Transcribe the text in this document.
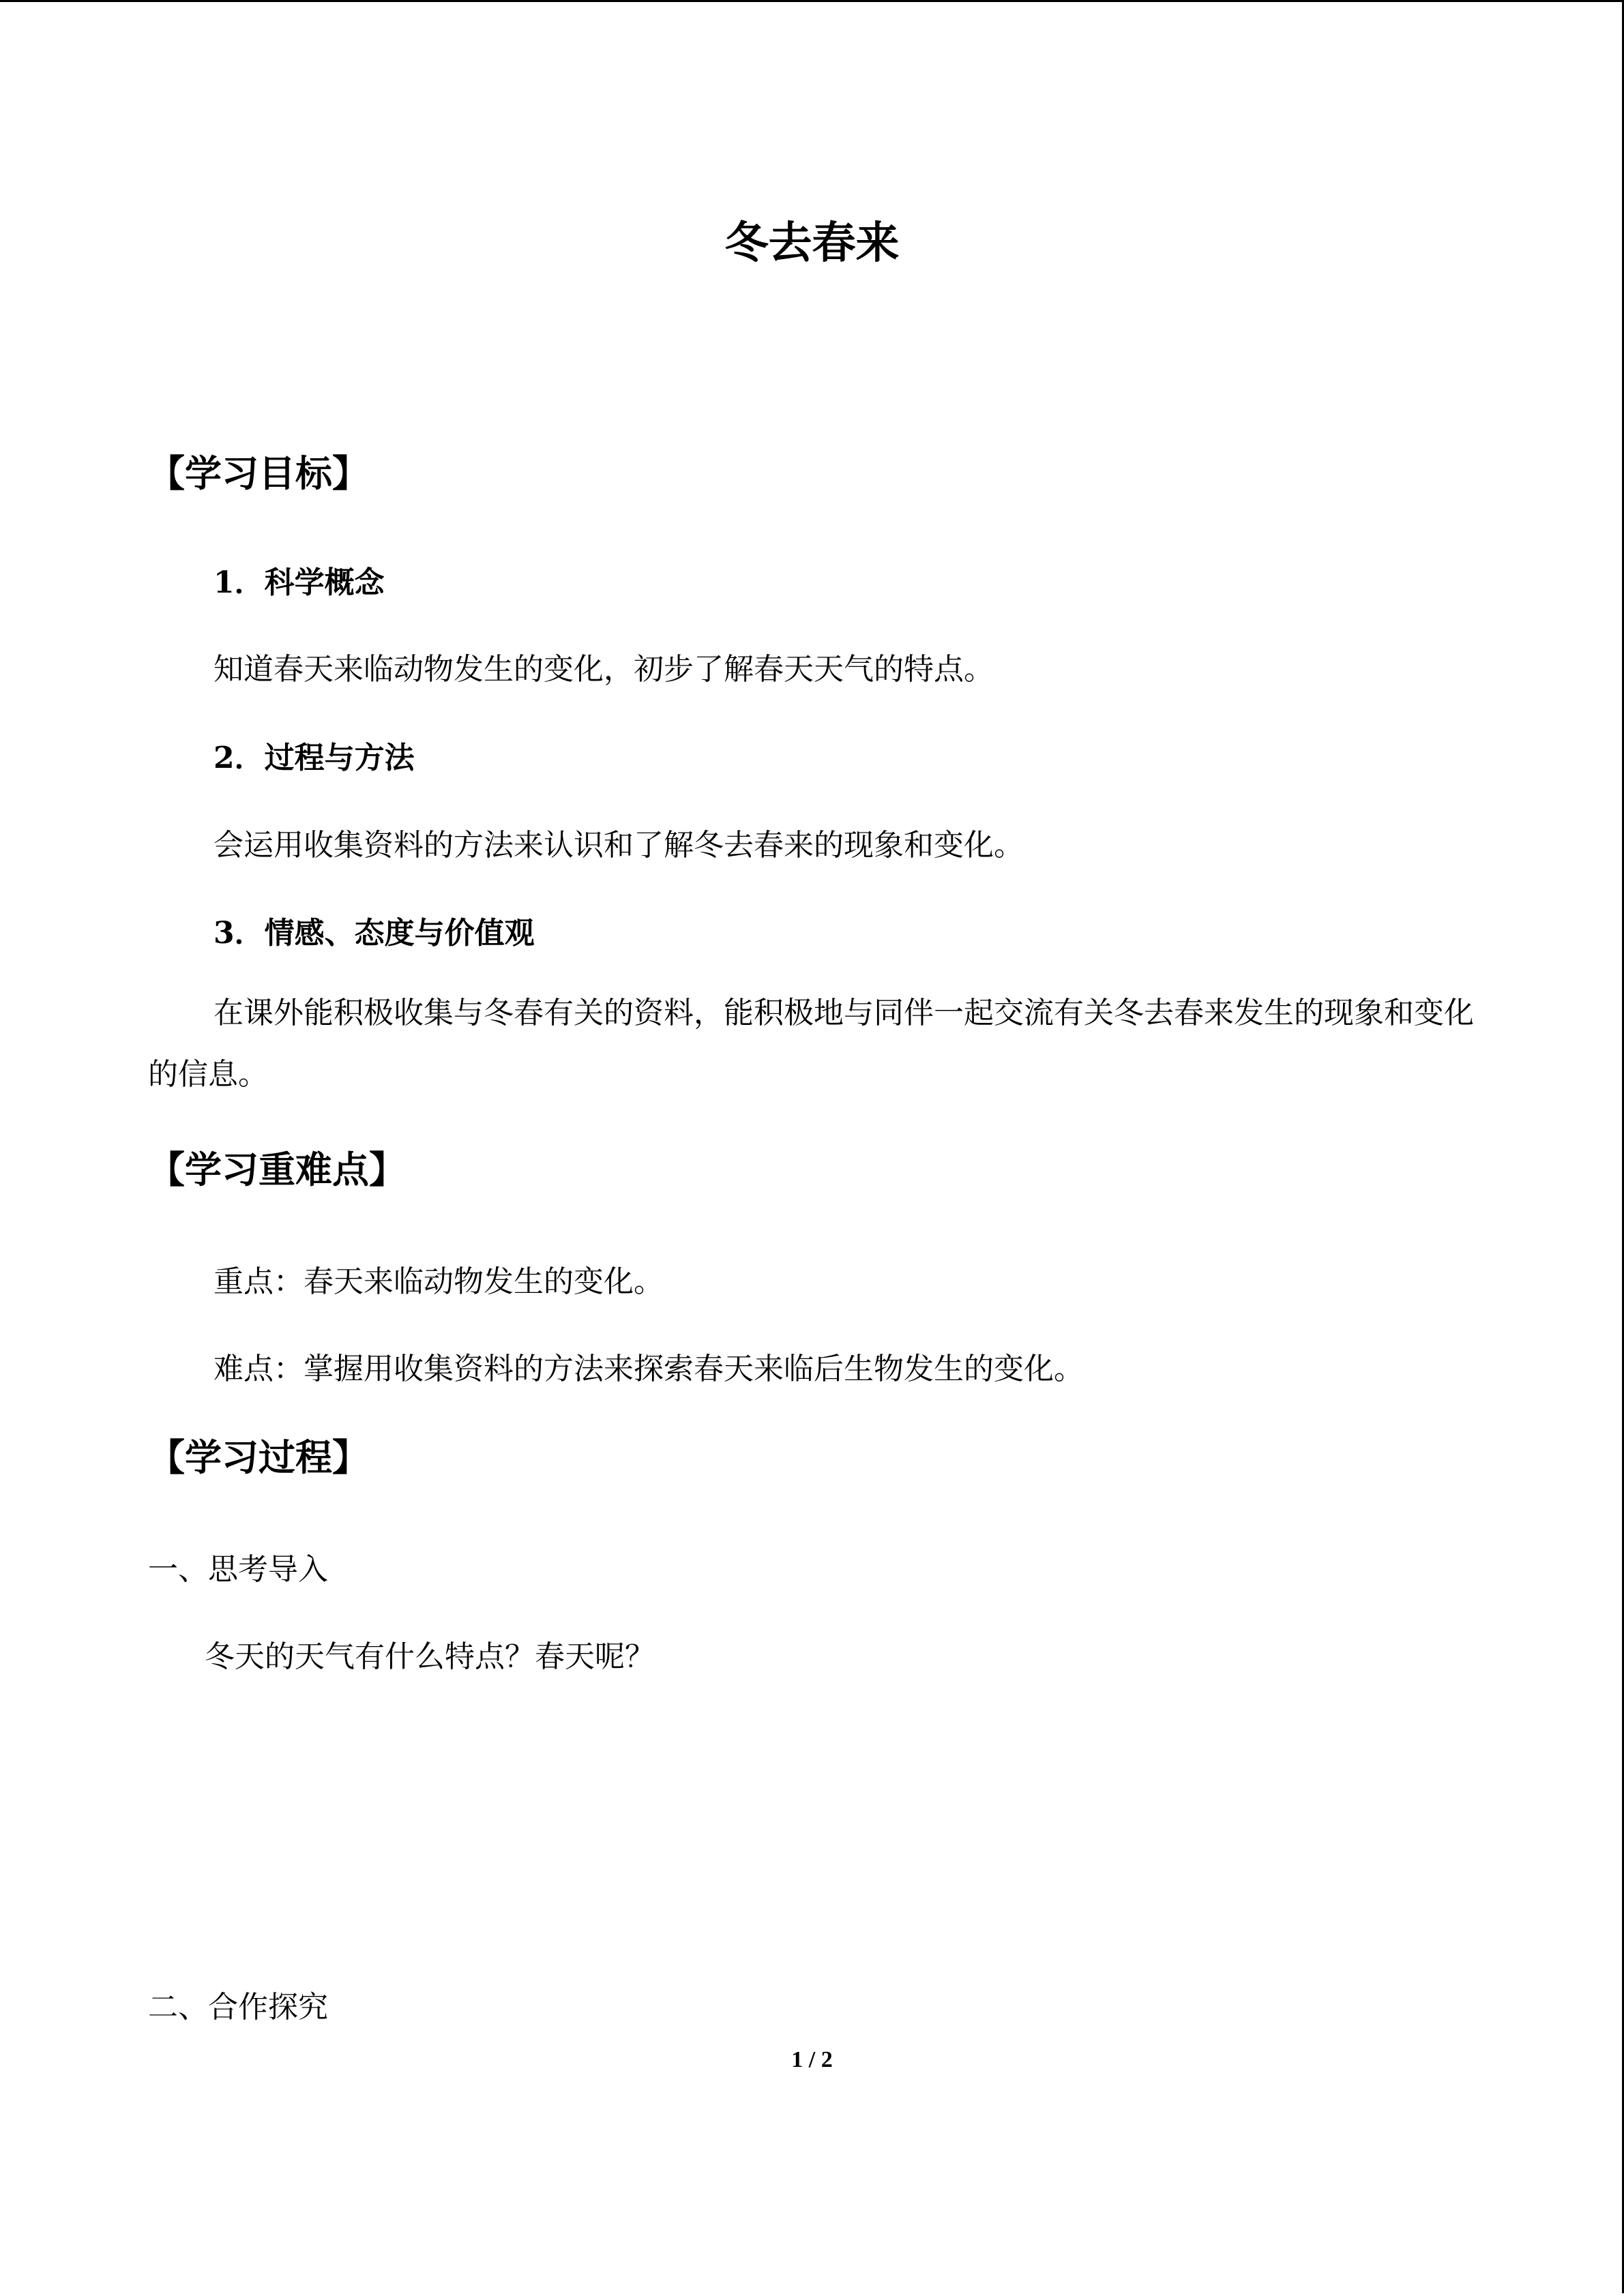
冬去春来
【学习目标】
1．科学概念
知道春天来临动物发生的变化，初步了解春天天气的特点。
2．过程与方法
会运用收集资料的方法来认识和了解冬去春来的现象和变化。
3．情感、态度与价值观
在课外能积极收集与冬春有关的资料，能积极地与同伴一起交流有关冬去春来发生的现象和变化的信息。
【学习重难点】
重点：春天来临动物发生的变化。
难点：掌握用收集资料的方法来探索春天来临后生物发生的变化。
【学习过程】
一、思考导入
冬天的天气有什么特点？春天呢？
二、合作探究
1 / 2
